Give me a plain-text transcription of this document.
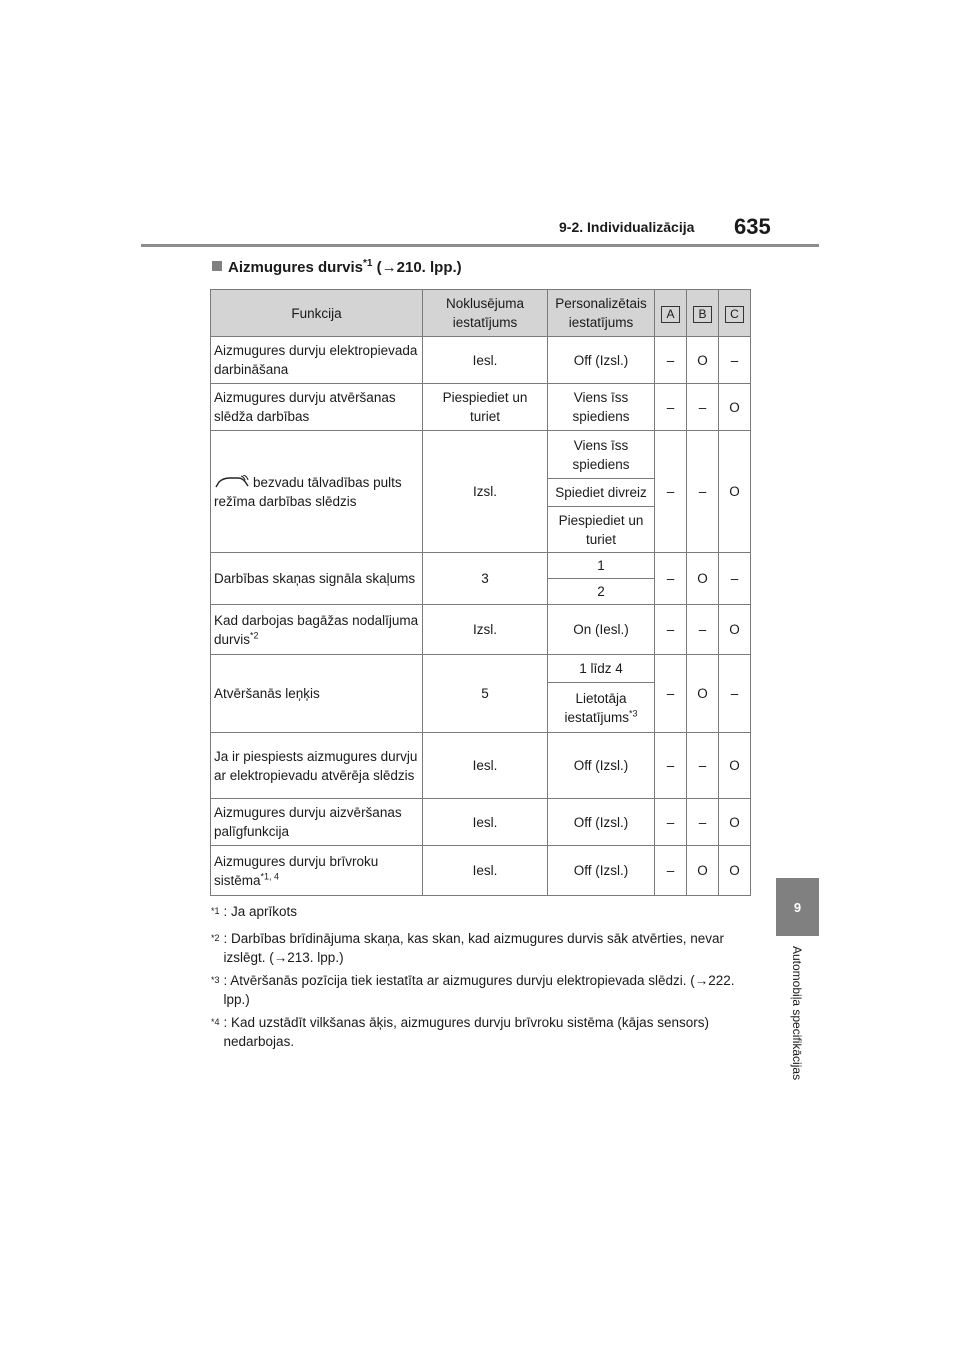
9-2. Individualizācija 635
9
Automobiļa specifikācijas
Aizmugures durvis$^{*1}$ (→210. lpp.)
Funkcija	Noklusējuma iestatījums	Personalizētais iestatījums	A	B	C
Aizmugures durvju elektropievada darbināšana	Iesl.	Off (Izsl.)	–	O	–
Aizmugures durvju atvēršanas slēdža darbības	Piespiediet un turiet	Viens īss spiediens	–	–	O
bezvadu tālvadības pults režīma darbības slēdzis	Izsl.	Viens īss spiediens	–	–	O
		Spiediet divreiz			
		Piespiediet un turiet			
Darbības skaņas signāla skaļums	3	1	–	O	–
		2			
Kad darbojas bagāžas nodalījuma durvis$^{*2}$	Izsl.	On (Iesl.)	–	–	O
Atvēršanās leņķis	5	1 līdz 4	–	O	–
		Lietotāja iestatījums$^{*3}$
Ja ir piespiests aizmugures durvju ar elektropievadu atvērēja slēdzis	Iesl.	Off (Izsl.)	–	–	O
Aizmugures durvju aizvēršanas palīgfunkcija	Iesl.	Off (Izsl.)	–	–	O
Aizmugures durvju brīvroku sistēma$^{*1, 4}$	Iesl.	Off (Izsl.)	–	O	O
$^{*1}$ : Ja aprīkots
$^{*2}$ : Darbības brīdinājuma skaņa, kas skan, kad aizmugures durvis sāk atvērties, nevar izslēgt. (→213. lpp.)
$^{*3}$ : Atvēršanās pozīcija tiek iestatīta ar aizmugures durvju elektropievada slēdzi. (→222. lpp.)
$^{*4}$ : Kad uzstādīt vilkšanas āķis, aizmugures durvju brīvroku sistēma (kājas sensors) nedarbojas.
